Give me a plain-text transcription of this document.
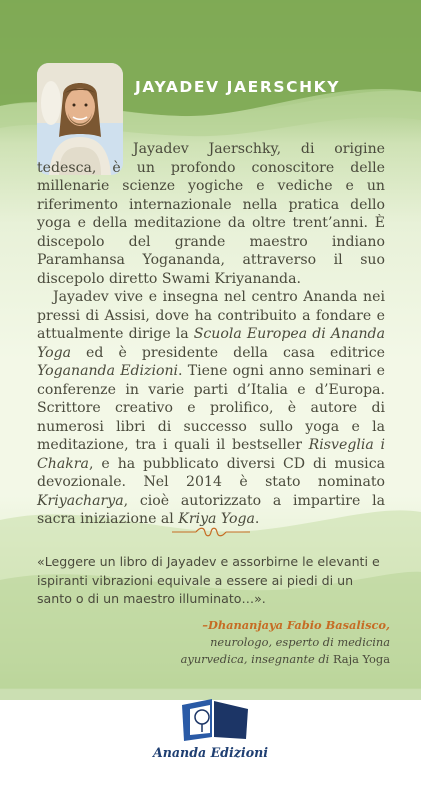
JAYADEV JAERSCHKY

Jayadev Jaerschky, di origine tedesca, è un profondo conoscitore delle millenarie scienze yogiche e vediche e un riferimento internazionale nella pratica dello yoga e della meditazione da oltre trent’anni. È discepolo del grande maestro indiano Paramhansa Yogananda, attraverso il suo discepolo diretto Swami Kriyananda.

Jayadev vive e insegna nel centro Ananda nei pressi di Assisi, dove ha contribuito a fondare e attualmente dirige la Scuola Europea di Ananda Yoga ed è presidente della casa editrice Yogananda Edizioni. Tiene ogni anno seminari e conferenze in varie parti d’Italia e d’Europa. Scrittore creativo e prolifico, è autore di numerosi libri di successo sullo yoga e la meditazione, tra i quali il bestseller Risveglia i Chakra, e ha pubblicato diversi CD di musica devozionale. Nel 2014 è stato nominato Kriyacharya, cioè autorizzato a impartire la sacra iniziazione al Kriya Yoga.

«Leggere un libro di Jayadev e assorbirne le elevanti e ispiranti vibrazioni equivale a essere ai piedi di un santo o di un maestro illuminato…».
–Dhananjaya Fabio Basalisco, neurologo, esperto di medicina ayurvedica, insegnante di Raja Yoga
Ananda Edizioni
